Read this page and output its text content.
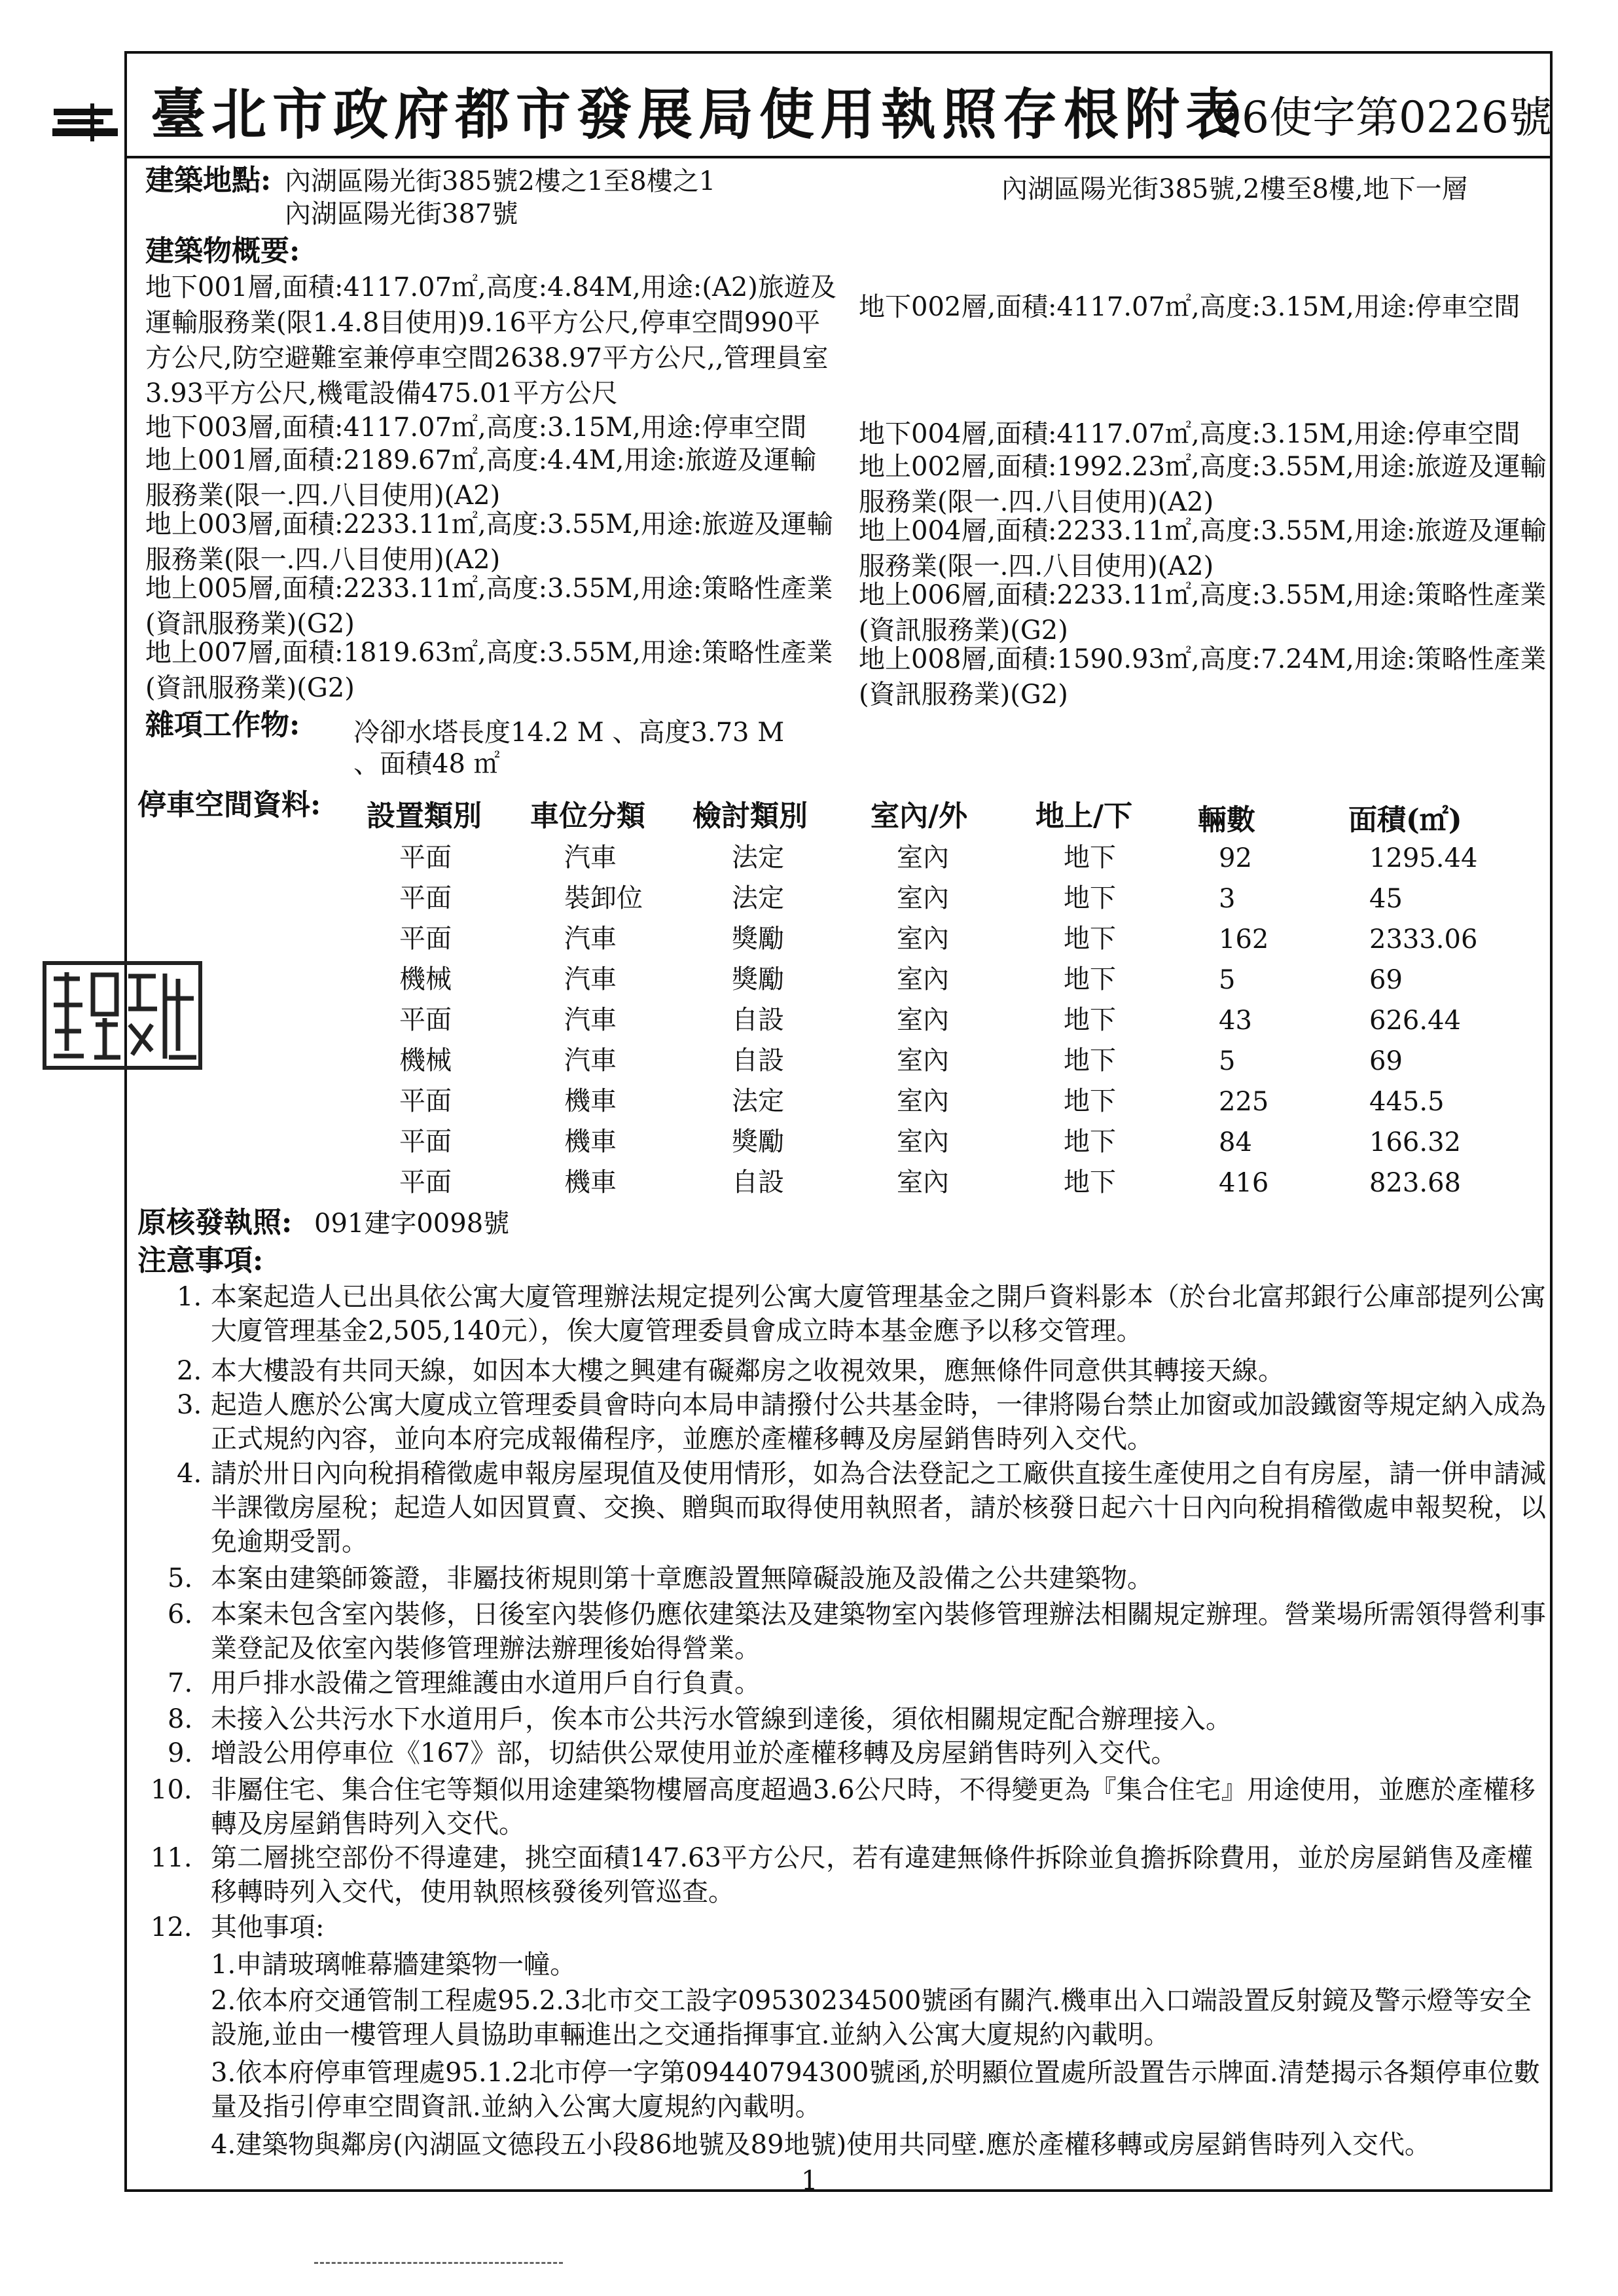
臺北市政府都市發展局使用執照存根附表
96使字第0226號
建築地點: 內湖區陽光街385號2樓之1至8樓之1
內湖區陽光街387號
內湖區陽光街385號,2樓至8樓,地下一層
建築物概要:
地下001層,面積:4117.07㎡,高度:4.84M,用途:(A2)旅遊及運輸服務業(限1.4.8目使用)9.16平方公尺,停車空間990平方公尺,防空避難室兼停車空間2638.97平方公尺,,管理員室3.93平方公尺,機電設備475.01平方公尺
地下002層,面積:4117.07㎡,高度:3.15M,用途:停車空間
地下003層,面積:4117.07㎡,高度:3.15M,用途:停車空間 地下004層,面積:4117.07㎡,高度:3.15M,用途:停車空間
地上001層,面積:2189.67㎡,高度:4.4M,用途:旅遊及運輸服務業(限一.四.八目使用)(A2)
地上002層,面積:1992.23㎡,高度:3.55M,用途:旅遊及運輸服務業(限一.四.八目使用)(A2)
地上003層,面積:2233.11㎡,高度:3.55M,用途:旅遊及運輸服務業(限一.四.八目使用)(A2)
地上004層,面積:2233.11㎡,高度:3.55M,用途:旅遊及運輸服務業(限一.四.八目使用)(A2)
地上005層,面積:2233.11㎡,高度:3.55M,用途:策略性產業(資訊服務業)(G2)
地上006層,面積:2233.11㎡,高度:3.55M,用途:策略性產業(資訊服務業)(G2)
地上007層,面積:1819.63㎡,高度:3.55M,用途:策略性產業(資訊服務業)(G2)
地上008層,面積:1590.93㎡,高度:7.24M,用途:策略性產業(資訊服務業)(G2)
雜項工作物: 冷卻水塔長度14.2 M 、高度3.73 M
、面積48 ㎡
停車空間資料: 設置類別 車位分類 檢討類別 室內/外 地上/下 輛數	面積(㎡)
平面	汽車	法定	室內	地下	92	1295.44
平面	裝卸位	法定	室內	地下	3	45
平面	汽車	獎勵	室內	地下	162	2333.06
機械	汽車	獎勵	室內	地下	5	69
平面	汽車	自設	室內	地下	43	626.44
機械	汽車	自設	室內	地下	5	69
平面	機車	法定	室內	地下	225	445.5
平面	機車	獎勵	室內	地下	84	166.32
平面	機車	自設	室內	地下	416	823.68
原核發執照: 091建字0098號
注意事項:
1. 本案起造人已出具依公寓大廈管理辦法規定提列公寓大廈管理基金之開戶資料影本（於台北富邦銀行公庫部提列公寓大廈管理基金2,505,140元），俟大廈管理委員會成立時本基金應予以移交管理。
2. 本大樓設有共同天線，如因本大樓之興建有礙鄰房之收視效果，應無條件同意供其轉接天線。
3. 起造人應於公寓大廈成立管理委員會時向本局申請撥付公共基金時，一律將陽台禁止加窗或加設鐵窗等規定納入成為正式規約內容，並向本府完成報備程序，並應於產權移轉及房屋銷售時列入交代。
4. 請於卅日內向稅捐稽徵處申報房屋現值及使用情形，如為合法登記之工廠供直接生產使用之自有房屋，請一併申請減半課徵房屋稅；起造人如因買賣、交換、贈與而取得使用執照者，請於核發日起六十日內向稅捐稽徵處申報契稅，以免逾期受罰。
5. 本案由建築師簽證，非屬技術規則第十章應設置無障礙設施及設備之公共建築物。
6. 本案未包含室內裝修，日後室內裝修仍應依建築法及建築物室內裝修管理辦法相關規定辦理。營業場所需領得營利事業登記及依室內裝修管理辦法辦理後始得營業。
7. 用戶排水設備之管理維護由水道用戶自行負責。
8. 未接入公共污水下水道用戶，俟本市公共污水管線到達後，須依相關規定配合辦理接入。
9. 增設公用停車位《167》部，切結供公眾使用並於產權移轉及房屋銷售時列入交代。
10. 非屬住宅、集合住宅等類似用途建築物樓層高度超過3.6公尺時，不得變更為『集合住宅』用途使用，並應於產權移轉及房屋銷售時列入交代。
11. 第二層挑空部份不得違建，挑空面積147.63平方公尺，若有違建無條件拆除並負擔拆除費用，並於房屋銷售及產權移轉時列入交代，使用執照核發後列管巡查。
12. 其他事項:
1.申請玻璃帷幕牆建築物一幢。
2.依本府交通管制工程處95.2.3北市交工設字09530234500號函有關汽.機車出入口端設置反射鏡及警示燈等安全設施,並由一樓管理人員協助車輛進出之交通指揮事宜.並納入公寓大廈規約內載明。
3.依本府停車管理處95.1.2北市停一字第09440794300號函,於明顯位置處所設置告示牌面.清楚揭示各類停車位數量及指引停車空間資訊.並納入公寓大廈規約內載明。
4.建築物與鄰房(內湖區文德段五小段86地號及89地號)使用共同壁.應於產權移轉或房屋銷售時列入交代。
1
